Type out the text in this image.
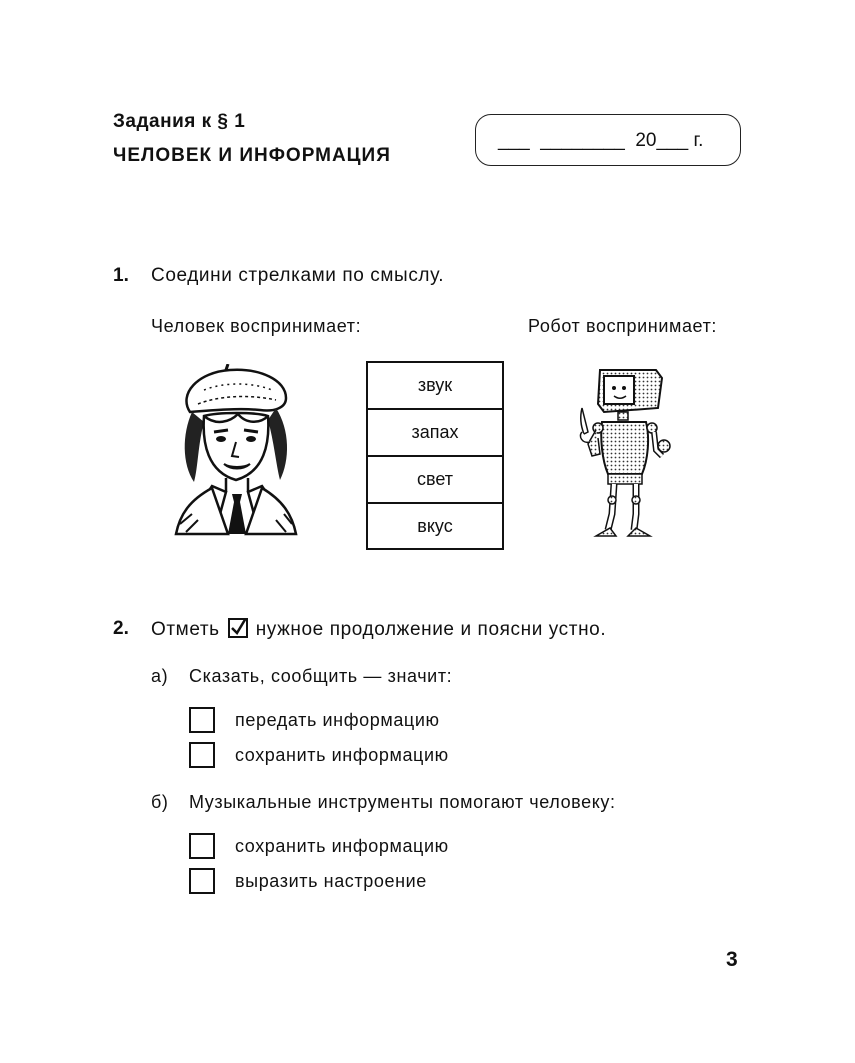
Задания к § 1
ЧЕЛОВЕК И ИНФОРМАЦИЯ
___  ________  20___ г.
1. Соедини стрелками по смыслу.
Человек воспринимает:	Робот воспринимает:
звук
запах
свет
вкус
2. Отметь нужное продолжение и поясни устно.
а) Сказать, сообщить — значит:
передать информацию
сохранить информацию
б) Музыкальные инструменты помогают человеку:
сохранить информацию
выразить настроение
3
